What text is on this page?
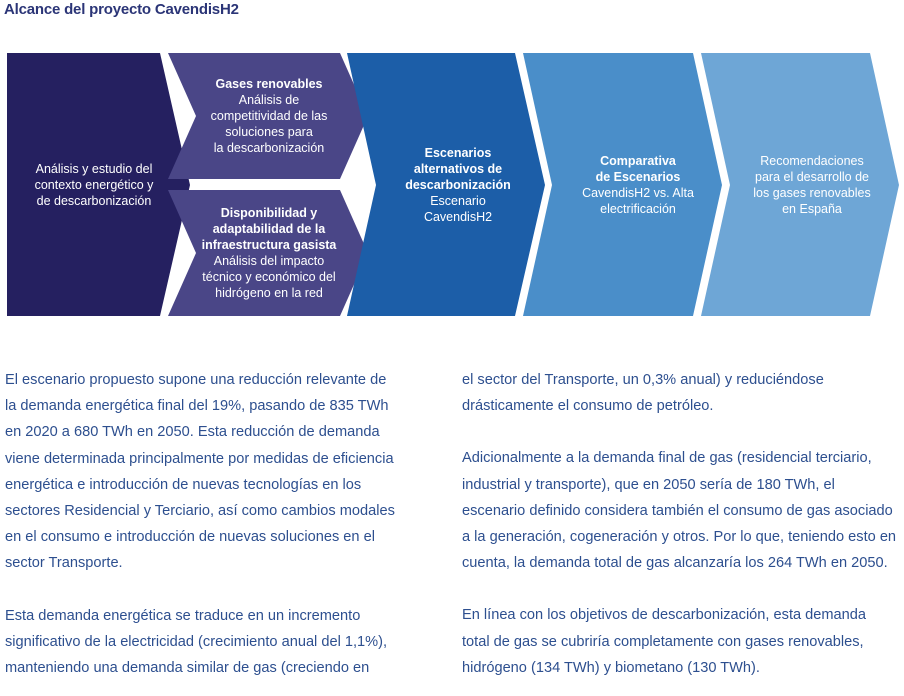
Alcance del proyecto CavendisH2
Análisis y estudio del
contexto energético y
de descarbonización
Gases renovables
Análisis de
competitividad de las
soluciones para
la descarbonización
Disponibilidad y
adaptabilidad de la
infraestructura gasista
Análisis del impacto
técnico y económico del
hidrógeno en la red
Escenarios
alternativos de
descarbonización
Escenario
CavendisH2
Comparativa
de Escenarios
CavendisH2 vs. Alta
electrificación
Recomendaciones
para el desarrollo de
los gases renovables
en España

El escenario propuesto supone una reducción relevante de
la demanda energética final del 19%, pasando de 835 TWh
en 2020 a 680 TWh en 2050. Esta reducción de demanda
viene determinada principalmente por medidas de eficiencia
energética e introducción de nuevas tecnologías en los
sectores Residencial y Terciario, así como cambios modales
en el consumo e introducción de nuevas soluciones en el
sector Transporte.

Esta demanda energética se traduce en un incremento
significativo de la electricidad (crecimiento anual del 1,1%),
manteniendo una demanda similar de gas (creciendo en

el sector del Transporte, un 0,3% anual) y reduciéndose
drásticamente el consumo de petróleo.

Adicionalmente a la demanda final de gas (residencial terciario,
industrial y transporte), que en 2050 sería de 180 TWh, el
escenario definido considera también el consumo de gas asociado
a la generación, cogeneración y otros. Por lo que, teniendo esto en
cuenta, la demanda total de gas alcanzaría los 264 TWh en 2050.

En línea con los objetivos de descarbonización, esta demanda
total de gas se cubriría completamente con gases renovables,
hidrógeno (134 TWh) y biometano (130 TWh).
